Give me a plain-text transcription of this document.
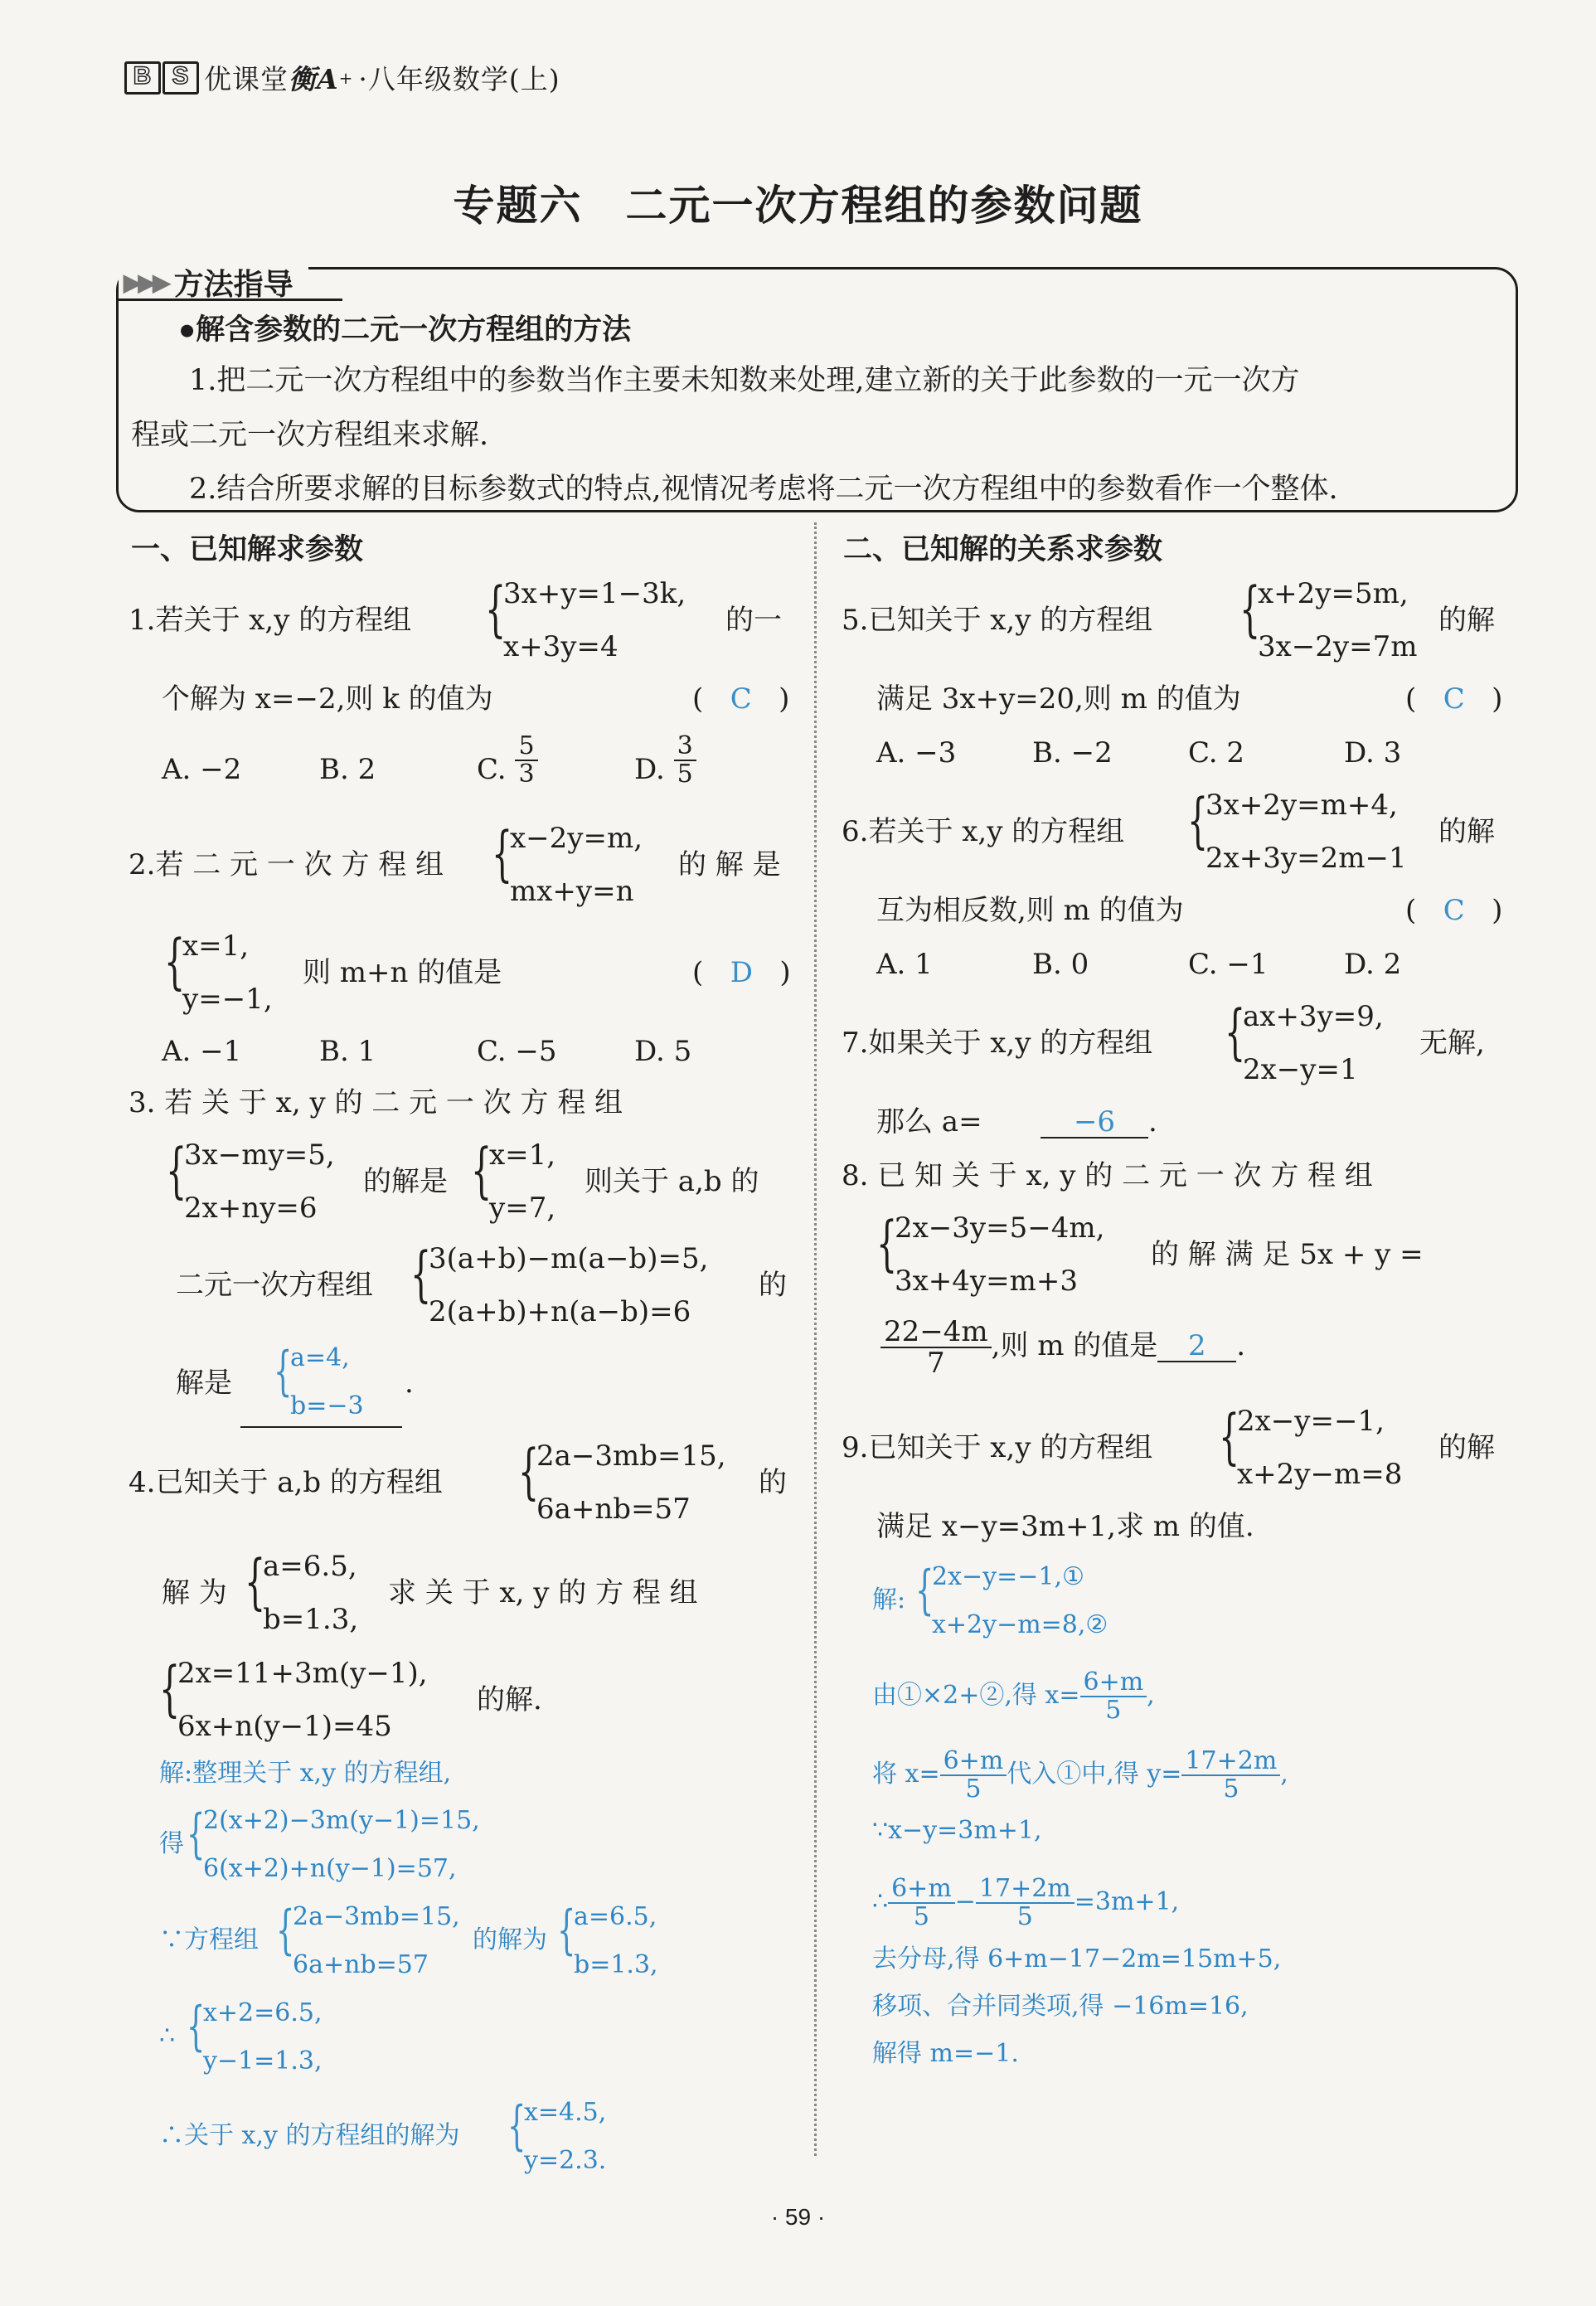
B S 优课堂 衡A + ·八年级数学(上)
专题六　二元一次方程组的参数问题
▶▶▶ 方法指导
●解含参数的二元一次方程组的方法
1.把二元一次方程组中的参数当作主要未知数来处理,建立新的关于此参数的一元一次方
程或二元一次方程组来求解.
2.结合所要求解的目标参数式的特点,视情况考虑将二元一次方程组中的参数看作一个整体.
一、已知解求参数	二、已知解的关系求参数
1.若关于 x,y 的方程组 {
3x+y=1−3k,
x+3y=4
的一
个解为 x=−2,则 k 的值为	(   C   )
A. −2	B. 2	C. $\frac{5}{3}$	D. $\frac{3}{5}$
2.若 二 元 一 次 方 程 组 {
x−2y=m,
mx+y=n
的 解 是
{
x=1,
y=−1,
则 m+n 的值是	(   D   )
A. −1	B. 1	C. −5	D. 5
3. 若 关 于 x, y 的 二 元 一 次 方 程 组
{
3x−my=5,
2x+ny=6
的解是 {
x=1,
y=7,
则关于 a,b 的
二元一次方程组 {
3(a+b)−m(a−b)=5,
2(a+b)+n(a−b)=6
的
解是 {
a=4,
b=−3
.
4.已知关于 a,b 的方程组 {
2a−3mb=15,
6a+nb=57
的
解 为 {
a=6.5,
b=1.3,
求 关 于 x, y 的 方 程 组
{
2x=11+3m(y−1),
6x+n(y−1)=45
的解.
解:整理关于 x,y 的方程组,
得 {
2(x+2)−3m(y−1)=15,
6(x+2)+n(y−1)=57,
∵方程组 {
2a−3mb=15,
6a+nb=57
的解为 {
a=6.5,
b=1.3,
∴ {
x+2=6.5,
y−1=1.3,
∴关于 x,y 的方程组的解为 {
x=4.5,
y=2.3.
5.已知关于 x,y 的方程组 {
x+2y=5m,
3x−2y=7m
的解
满足 3x+y=20,则 m 的值为	(   C   )
A. −3	B. −2	C. 2	D. 3
6.若关于 x,y 的方程组 {
3x+2y=m+4,
2x+3y=2m−1
的解
互为相反数,则 m 的值为	(   C   )
A. 1	B. 0	C. −1	D. 2
7.如果关于 x,y 的方程组 {
ax+3y=9,
2x−y=1
无解,
那么 a=	−6 .
8. 已 知 关 于 x, y 的 二 元 一 次 方 程 组
{
2x−3y=5−4m,
3x+4y=m+3
的 解 满 足 5x + y =
$\frac{22-4m}{7}$ ,则 m 的值是 2 .
9.已知关于 x,y 的方程组 {
2x−y=−1,
x+2y−m=8
的解
满足 x−y=3m+1,求 m 的值.
解: {
2x−y=−1,①
x+2y−m=8,②
由①×2+②,得 $x= \frac{6+m}{5}$ ,
将 $x= \frac{6+m}{5}$ 代入①中,得 $y= \frac{17+2m}{5}$ ,
∵x−y=3m+1,
∴ $\frac{6+m}{5} - \frac{17+2m}{5} =3m+1$,
去分母,得 6+m−17−2m=15m+5,
移项、合并同类项,得 −16m=16,
解得 m=−1.
· 59 ·
